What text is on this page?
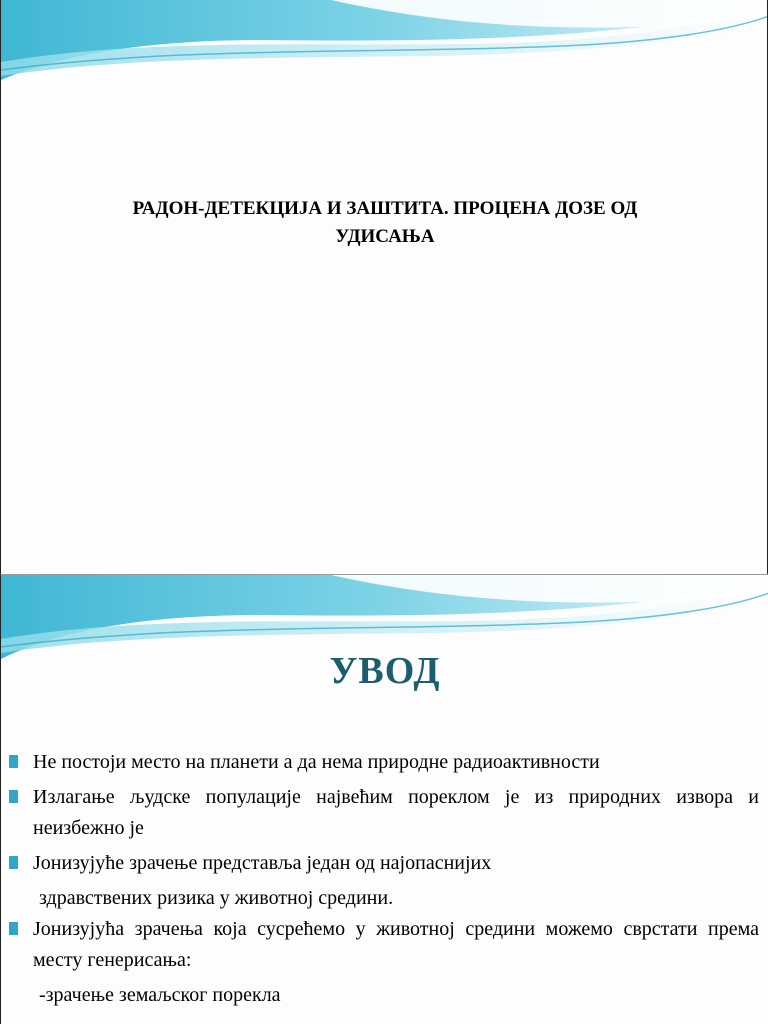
РАДОН-ДЕТЕКЦИЈА И ЗАШТИТА. ПРОЦЕНА ДОЗЕ ОД
УДИСАЊА
УВОД
Не постоји место на планети а да нема природне радиоактивности
Излагање људске популације највећим пореклом је из природних извора и неизбежно је
Јонизујуће зрачење представља један од најопаснијих
здравствених ризика у животној средини.
Јонизујућа зрачења која сусрећемо у животној средини можемо сврстати према месту генерисања:
-зрачење земаљског порекла
